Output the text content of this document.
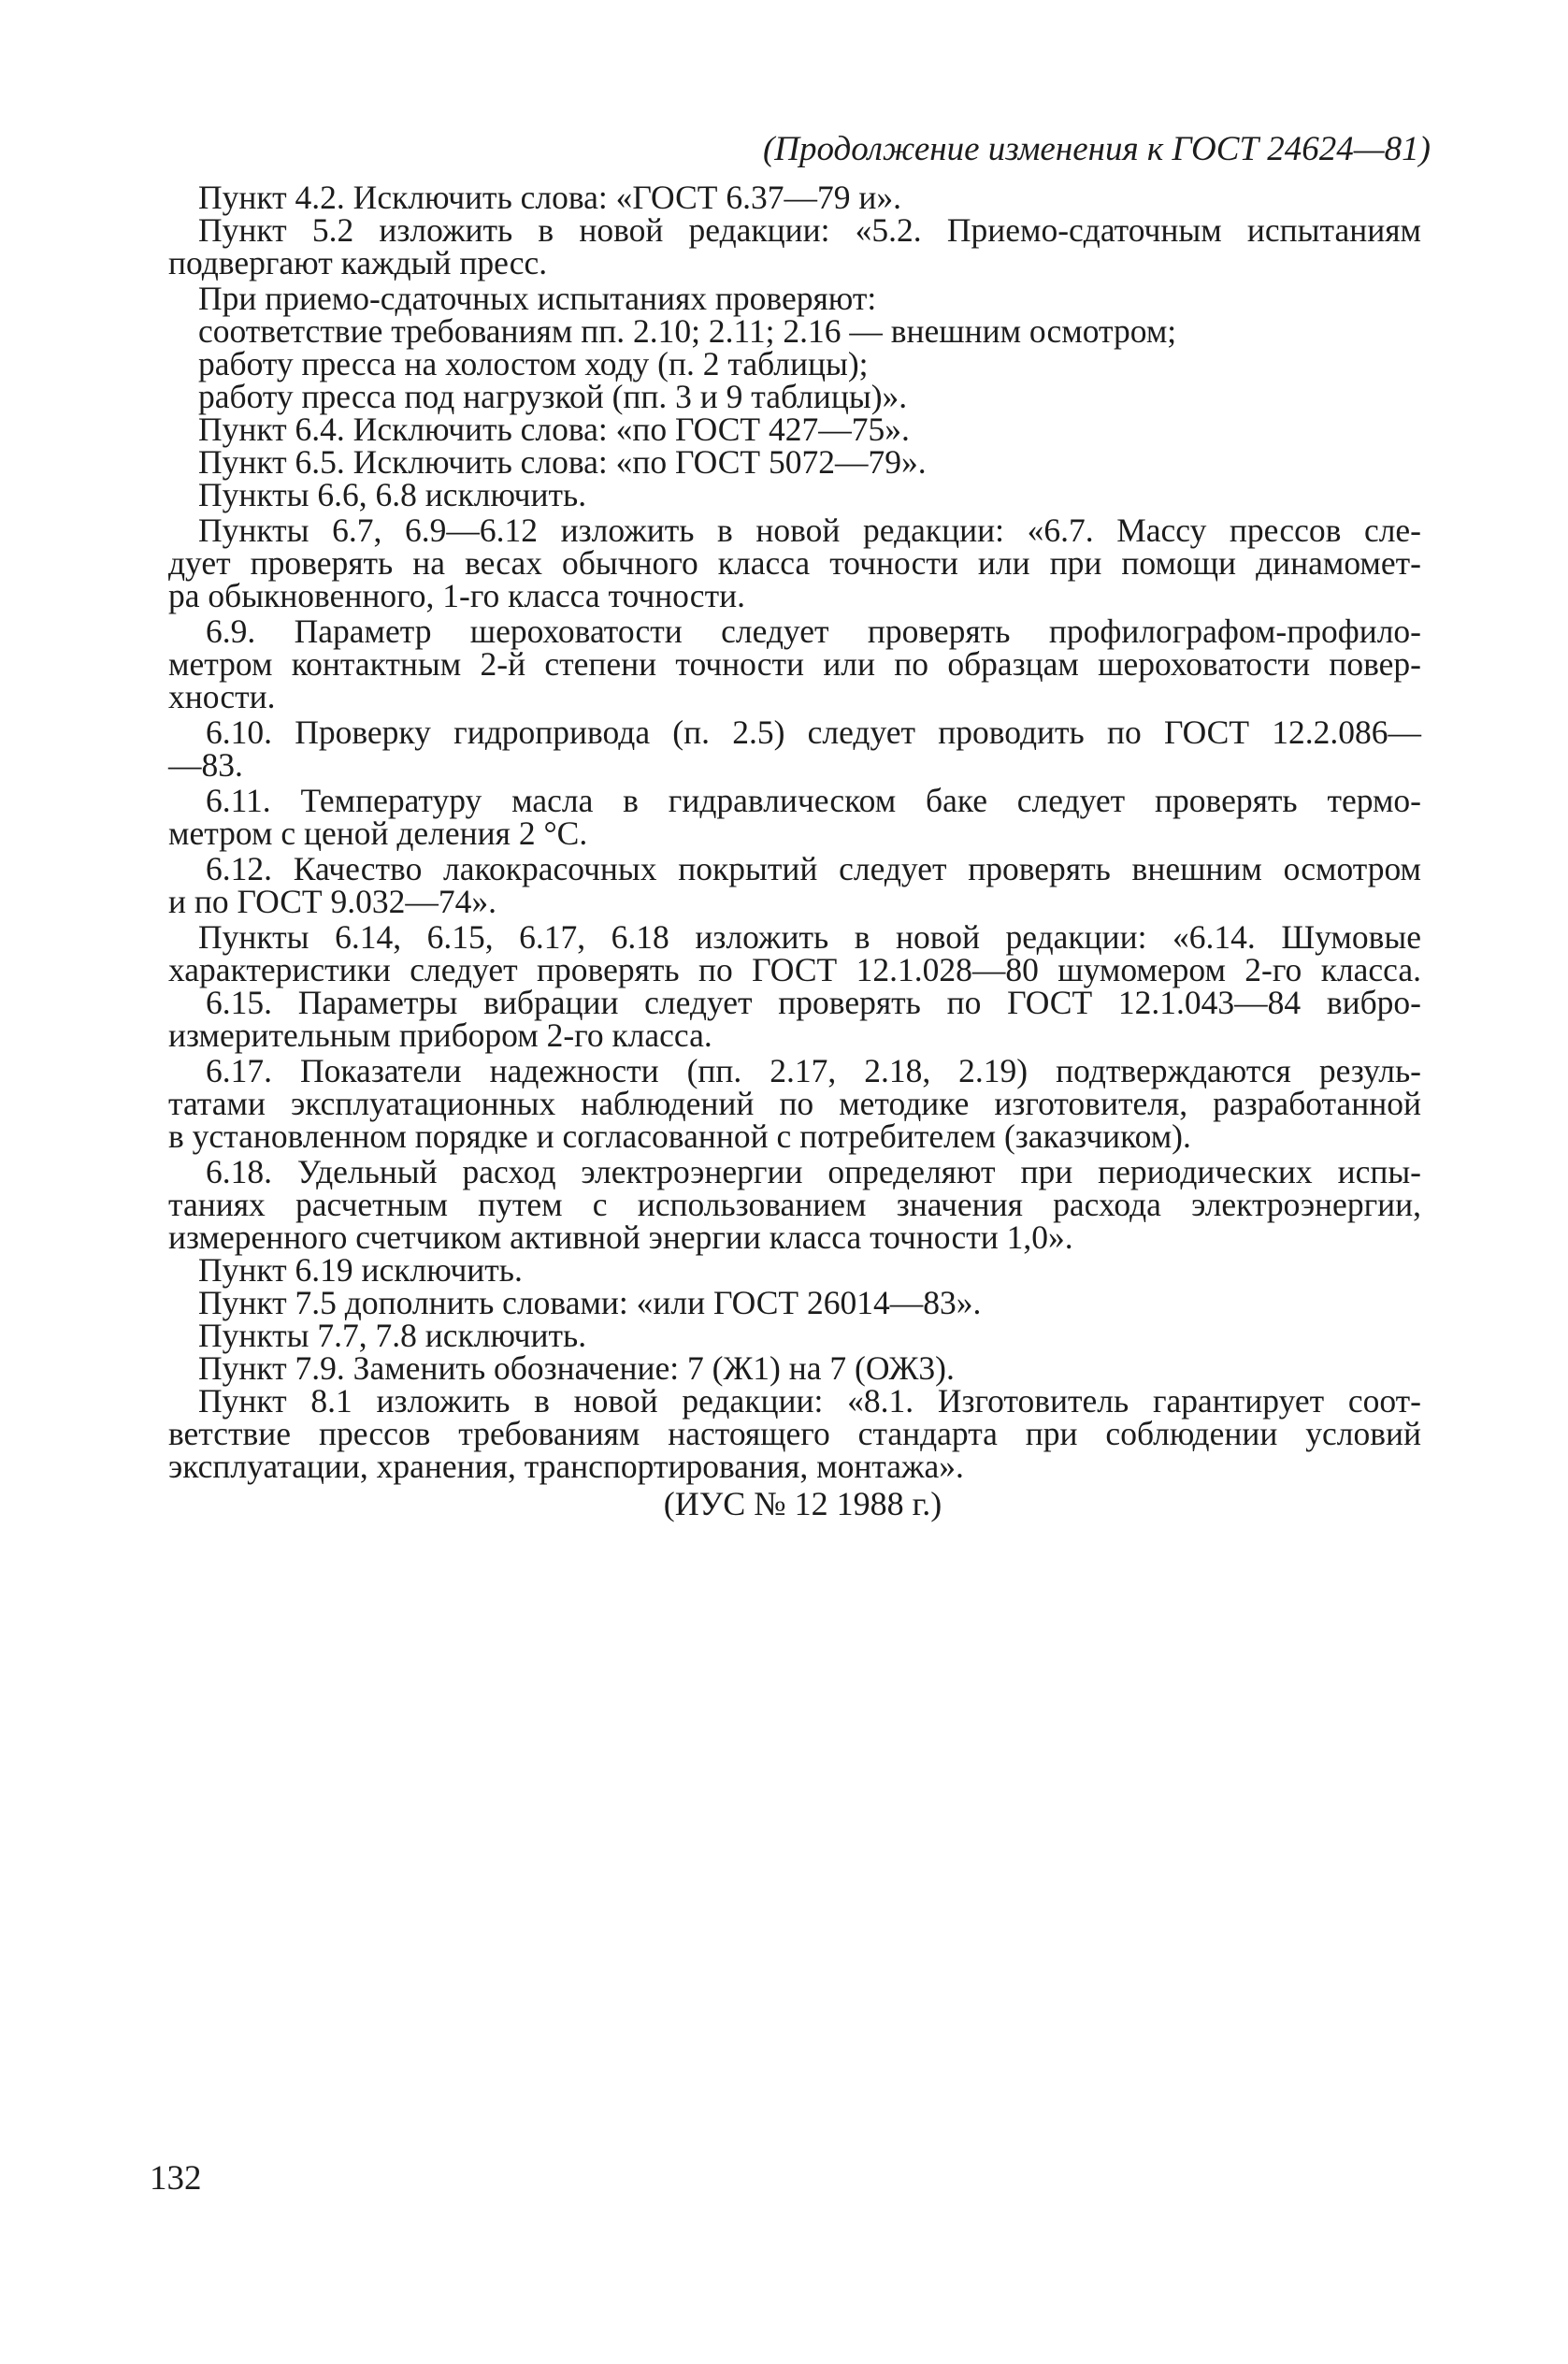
(Продолжение изменения к ГОСТ 24624—81)
Пункт 4.2. Исключить слова: «ГОСТ 6.37—79 и».
Пункт 5.2 изложить в новой редакции: «5.2. Приемо-сдаточным испытаниям
подвергают каждый пресс.
При приемо-сдаточных испытаниях проверяют:
соответствие требованиям пп. 2.10; 2.11; 2.16 — внешним осмотром;
работу пресса на холостом ходу (п. 2 таблицы);
работу пресса под нагрузкой (пп. 3 и 9 таблицы)».
Пункт 6.4. Исключить слова: «по ГОСТ 427—75».
Пункт 6.5. Исключить слова: «по ГОСТ 5072—79».
Пункты 6.6, 6.8 исключить.
Пункты 6.7, 6.9—6.12 изложить в новой редакции: «6.7. Массу прессов сле-
дует проверять на весах обычного класса точности или при помощи динамомет-
ра обыкновенного, 1-го класса точности.
6.9. Параметр шероховатости следует проверять профилографом-профило-
метром контактным 2-й степени точности или по образцам шероховатости повер-
хности.
6.10. Проверку гидропривода (п. 2.5) следует проводить по ГОСТ 12.2.086—
—83.
6.11. Температуру масла в гидравлическом баке следует проверять термо-
метром с ценой деления 2 °С.
6.12. Качество лакокрасочных покрытий следует проверять внешним осмотром
и по ГОСТ 9.032—74».
Пункты 6.14, 6.15, 6.17, 6.18 изложить в новой редакции: «6.14. Шумовые
характеристики следует проверять по ГОСТ 12.1.028—80 шумомером 2-го класса.
6.15. Параметры вибрации следует проверять по ГОСТ 12.1.043—84 вибро-
измерительным прибором 2-го класса.
6.17. Показатели надежности (пп. 2.17, 2.18, 2.19) подтверждаются резуль-
татами эксплуатационных наблюдений по методике изготовителя, разработанной
в установленном порядке и согласованной с потребителем (заказчиком).
6.18. Удельный расход электроэнергии определяют при периодических испы-
таниях расчетным путем с использованием значения расхода электроэнергии,
измеренного счетчиком активной энергии класса точности 1,0».
Пункт 6.19 исключить.
Пункт 7.5 дополнить словами: «или ГОСТ 26014—83».
Пункты 7.7, 7.8 исключить.
Пункт 7.9. Заменить обозначение: 7 (Ж1) на 7 (ОЖ3).
Пункт 8.1 изложить в новой редакции: «8.1. Изготовитель гарантирует соот-
ветствие прессов требованиям настоящего стандарта при соблюдении условий
эксплуатации, хранения, транспортирования, монтажа».
(ИУС № 12 1988 г.)
132
